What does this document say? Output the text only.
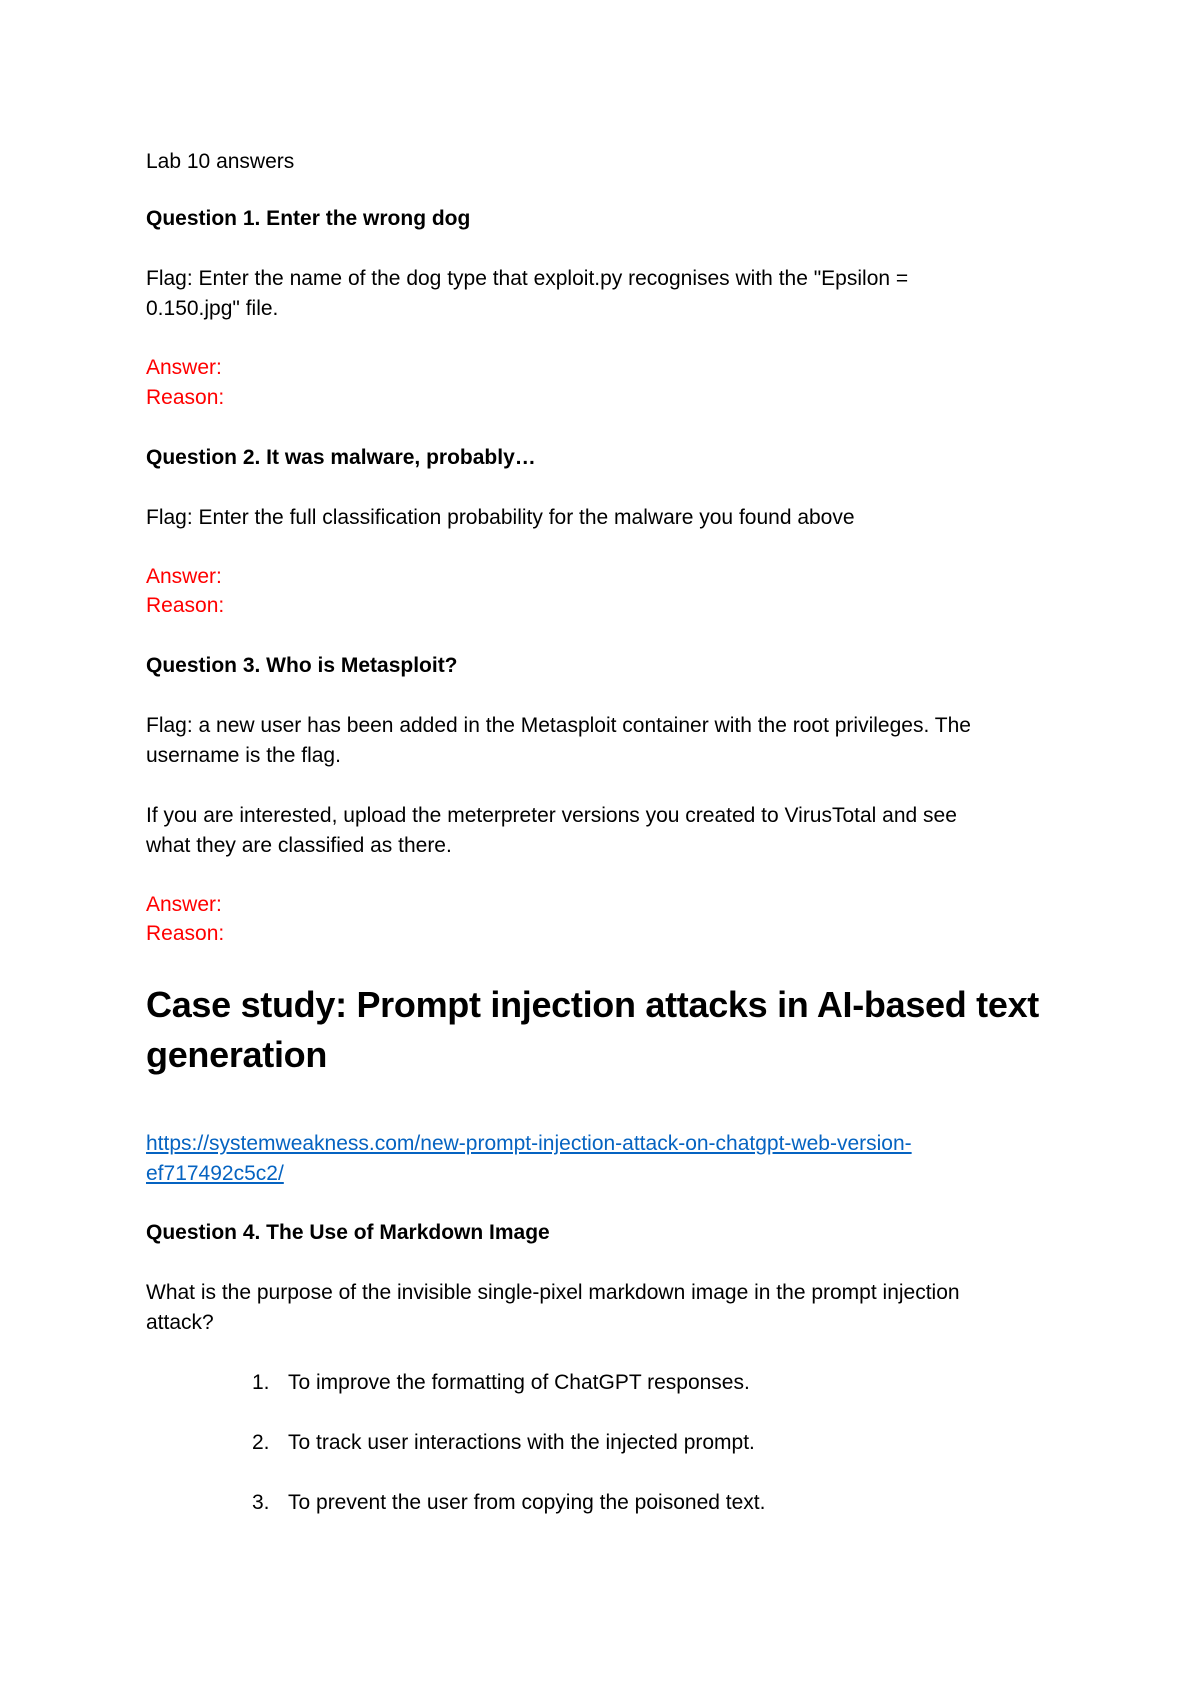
Lab 10 answers
Question 1. Enter the wrong dog
Flag: Enter the name of the dog type that exploit.py recognises with the "Epsilon =
0.150.jpg" file.
Answer:
Reason:
Question 2. It was malware, probably…
Flag: Enter the full classification probability for the malware you found above
Answer:
Reason:
Question 3. Who is Metasploit?
Flag: a new user has been added in the Metasploit container with the root privileges. The
username is the flag.
If you are interested, upload the meterpreter versions you created to VirusTotal and see
what they are classified as there.
Answer:
Reason:
Case study: Prompt injection attacks in AI-based text
generation
https://systemweakness.com/new-prompt-injection-attack-on-chatgpt-web-version-
ef717492c5c2/
Question 4. The Use of Markdown Image
What is the purpose of the invisible single-pixel markdown image in the prompt injection
attack?
1. To improve the formatting of ChatGPT responses.
2. To track user interactions with the injected prompt.
3. To prevent the user from copying the poisoned text.
